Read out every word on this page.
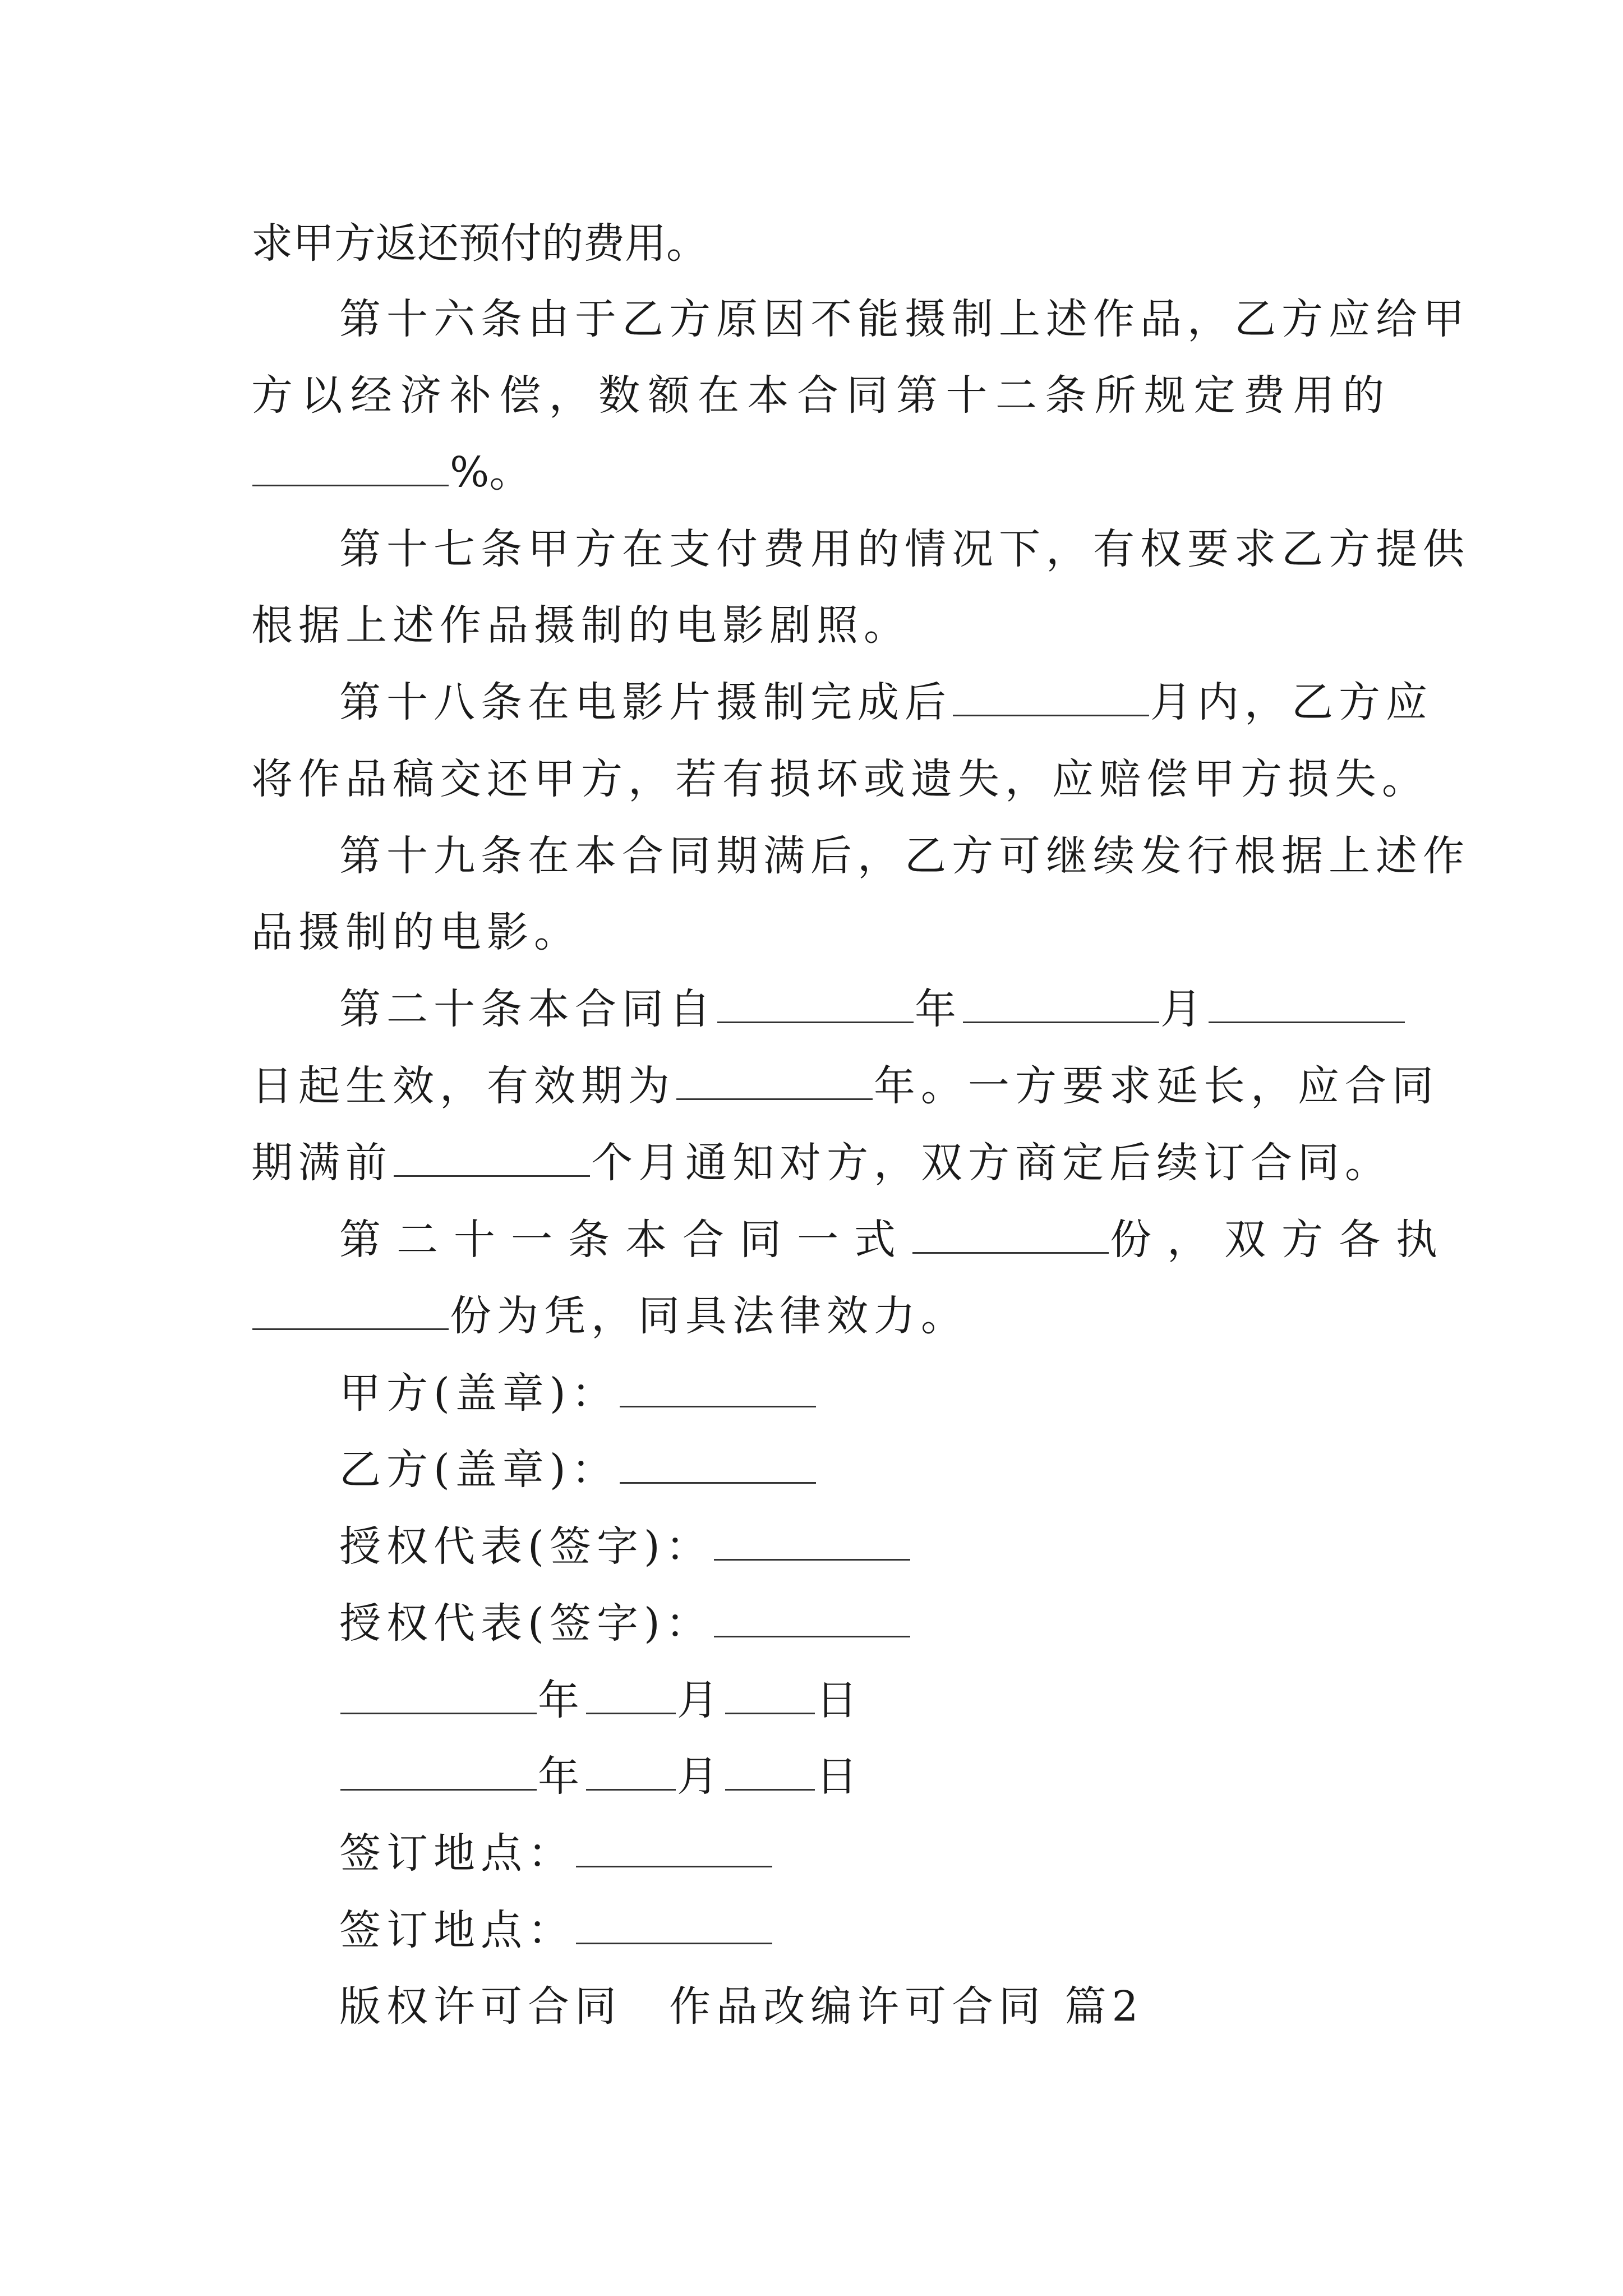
求甲方返还预付的费用。
第十六条由于乙方原因不能摄制上述作品，乙方应给甲
方以经济补偿，数额在本合同第十二条所规定费用的
%。
第十七条甲方在支付费用的情况下，有权要求乙方提供
根据上述作品摄制的电影剧照。
第十八条在电影片摄制完成后	月内，乙方应
将作品稿交还甲方，若有损坏或遗失，应赔偿甲方损失。
第十九条在本合同期满后，乙方可继续发行根据上述作
品摄制的电影。
第二十条本合同自	年	月
日起生效，有效期为	年。一方要求延长，应合同
期满前	个月通知对方，双方商定后续订合同。
第二十一条本合同一式	份，双方各执
份为凭，同具法律效力。
甲方(盖章)：
乙方(盖章)：
授权代表(签字)：
授权代表(签字)：
年 月 日
年 月 日
签订地点：
签订地点：
版权许可合同　作品改编许可合同 篇2
